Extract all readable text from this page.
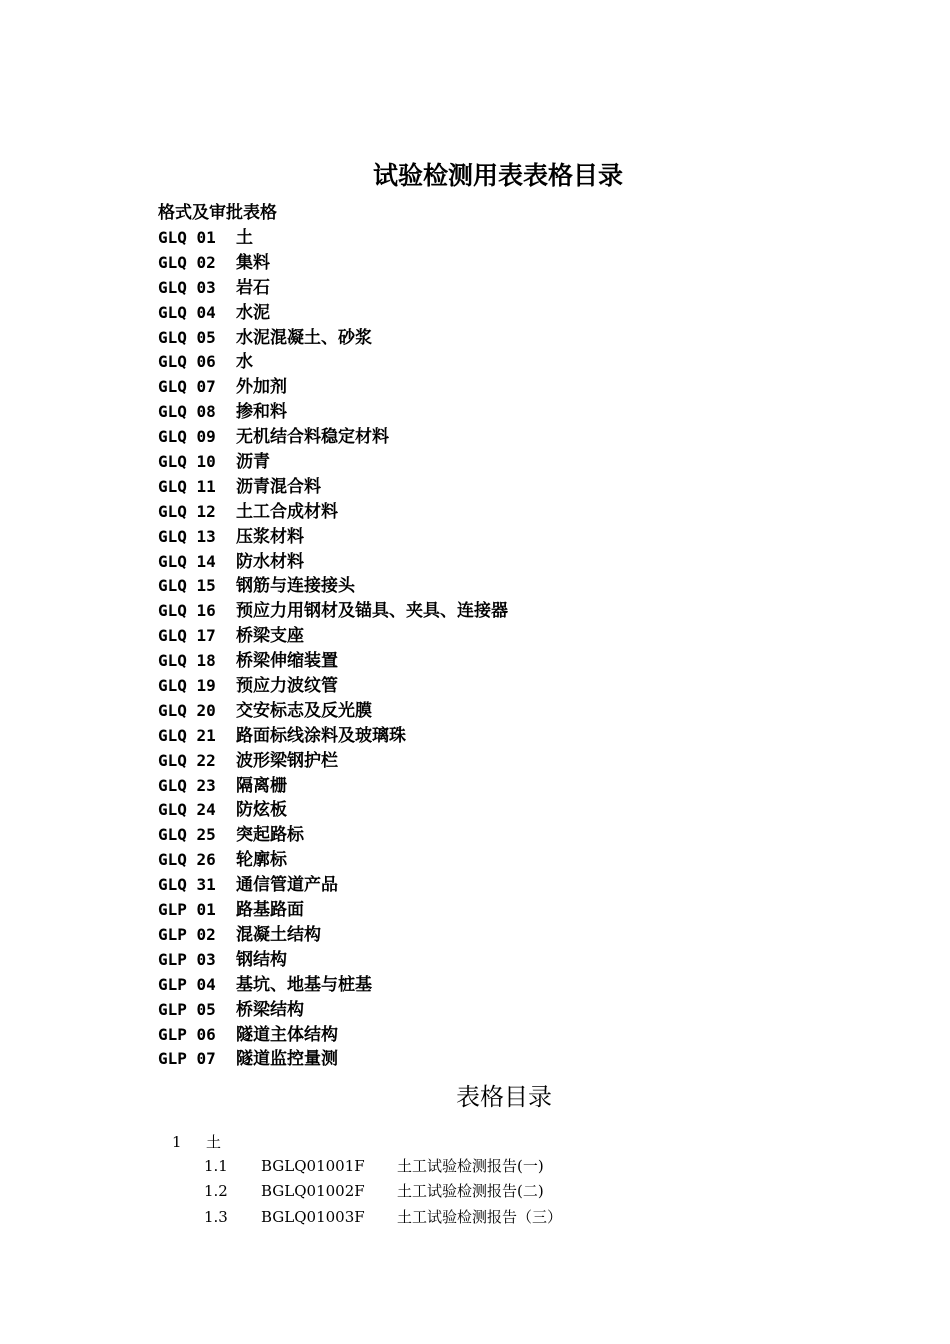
试验检测用表表格目录
格式及审批表格
GLQ 01 土
GLQ 02 集料
GLQ 03 岩石
GLQ 04 水泥
GLQ 05 水泥混凝土、砂浆
GLQ 06 水
GLQ 07 外加剂
GLQ 08 掺和料
GLQ 09 无机结合料稳定材料
GLQ 10 沥青
GLQ 11 沥青混合料
GLQ 12 土工合成材料
GLQ 13 压浆材料
GLQ 14 防水材料
GLQ 15 钢筋与连接接头
GLQ 16 预应力用钢材及锚具、夹具、连接器
GLQ 17 桥梁支座
GLQ 18 桥梁伸缩装置
GLQ 19 预应力波纹管
GLQ 20 交安标志及反光膜
GLQ 21 路面标线涂料及玻璃珠
GLQ 22 波形梁钢护栏
GLQ 23 隔离栅
GLQ 24 防炫板
GLQ 25 突起路标
GLQ 26 轮廓标
GLQ 31 通信管道产品
GLP 01 路基路面
GLP 02 混凝土结构
GLP 03 钢结构
GLP 04 基坑、地基与桩基
GLP 05 桥梁结构
GLP 06 隧道主体结构
GLP 07 隧道监控量测
表格目录
1 土
1.1 BGLQ01001F 土工试验检测报告(一)
1.2 BGLQ01002F 土工试验检测报告(二)
1.3 BGLQ01003F 土工试验检测报告（三）
